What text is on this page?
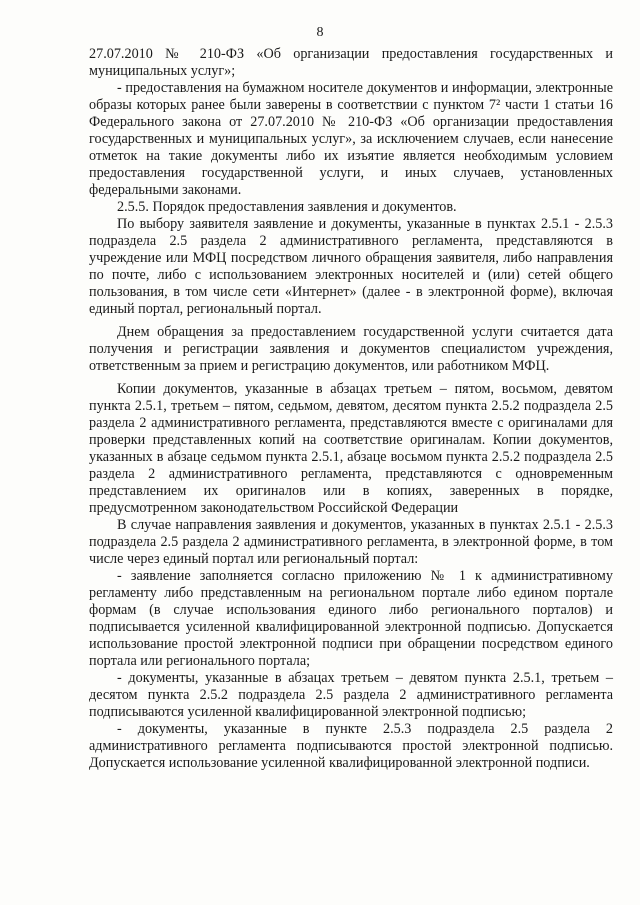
8

27.07.2010 № 210-ФЗ «Об организации предоставления государственных и муниципальных услуг»;

- предоставления на бумажном носителе документов и информации, электронные образы которых ранее были заверены в соответствии с пунктом 7² части 1 статьи 16 Федерального закона от 27.07.2010 № 210-ФЗ «Об организации предоставления государственных и муниципальных услуг», за исключением случаев, если нанесение отметок на такие документы либо их изъятие является необходимым условием предоставления государственной услуги, и иных случаев, установленных федеральными законами.

2.5.5. Порядок предоставления заявления и документов.

По выбору заявителя заявление и документы, указанные в пунктах 2.5.1 - 2.5.3 подраздела 2.5 раздела 2 административного регламента, представляются в учреждение или МФЦ посредством личного обращения заявителя, либо направления по почте, либо с использованием электронных носителей и (или) сетей общего пользования, в том числе сети «Интернет» (далее - в электронной форме), включая единый портал, региональный портал.

Днем обращения за предоставлением государственной услуги считается дата получения и регистрации заявления и документов специалистом учреждения, ответственным за прием и регистрацию документов, или работником МФЦ.

Копии документов, указанные в абзацах третьем – пятом, восьмом, девятом пункта 2.5.1, третьем – пятом, седьмом, девятом, десятом пункта 2.5.2 подраздела 2.5 раздела 2 административного регламента, представляются вместе с оригиналами для проверки представленных копий на соответствие оригиналам. Копии документов, указанных в абзаце седьмом пункта 2.5.1, абзаце восьмом пункта 2.5.2 подраздела 2.5 раздела 2 административного регламента, представляются с одновременным представлением их оригиналов или в копиях, заверенных в порядке, предусмотренном законодательством Российской Федерации

В случае направления заявления и документов, указанных в пунктах 2.5.1 - 2.5.3 подраздела 2.5 раздела 2 административного регламента, в электронной форме, в том числе через единый портал или региональный портал:

- заявление заполняется согласно приложению № 1 к административному регламенту либо представленным на региональном портале либо едином портале формам (в случае использования единого либо регионального порталов) и подписывается усиленной квалифицированной электронной подписью. Допускается использование простой электронной подписи при обращении посредством единого портала или регионального портала;

- документы, указанные в абзацах третьем – девятом пункта 2.5.1, третьем – десятом пункта 2.5.2 подраздела 2.5 раздела 2 административного регламента подписываются усиленной квалифицированной электронной подписью;

- документы, указанные в пункте 2.5.3 подраздела 2.5 раздела 2 административного регламента подписываются простой электронной подписью. Допускается использование усиленной квалифицированной электронной подписи.
